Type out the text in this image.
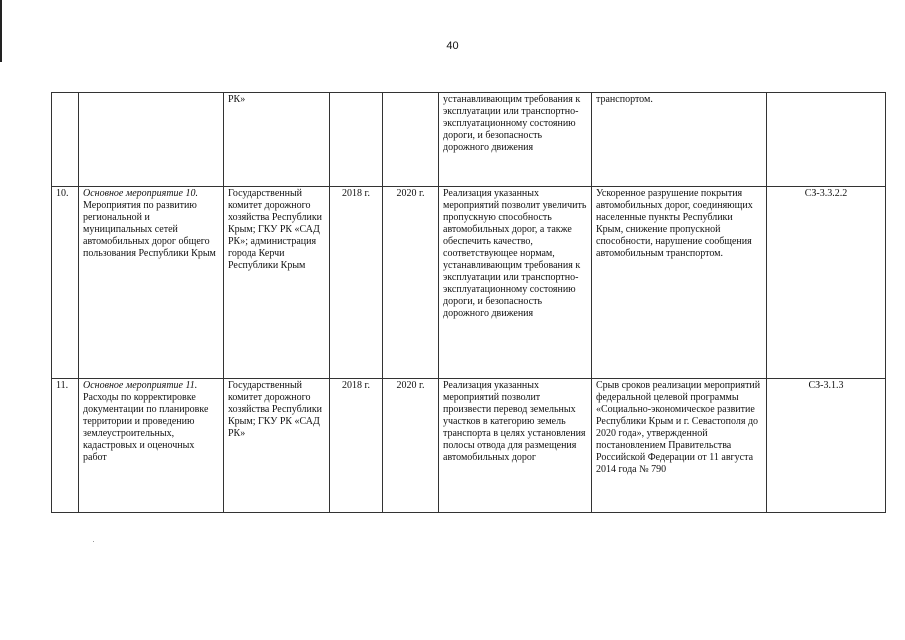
40
		РК»			устанавливающим требования к эксплуатации или транспортно-эксплуатационному состоянию дороги, и безопасность дорожного движения	транспортом.	
10.	Основное мероприятие 10. Мероприятия по развитию региональной и муниципальных сетей автомобильных дорог общего пользования Республики Крым	Государственный комитет дорожного хозяйства Республики Крым; ГКУ РК «САД РК»; администрация города Керчи Республики Крым	2018 г.	2020 г.	Реализация указанных мероприятий позволит увеличить пропускную способность автомобильных дорог, а также обеспечить качество, соответствующее нормам, устанавливающим требования к эксплуатации или транспортно-эксплуатационному состоянию дороги, и безопасность дорожного движения	Ускоренное разрушение покрытия автомобильных дорог, соединяющих населенные пункты Республики Крым, снижение пропускной способности, нарушение сообщения автомобильным транспортом.	СЗ-3.3.2.2
11.	Основное мероприятие 11. Расходы по корректировке документации по планировке территории и проведению землеустроительных, кадастровых и оценочных работ	Государственный комитет дорожного хозяйства Республики Крым; ГКУ РК «САД РК»	2018 г.	2020 г.	Реализация указанных мероприятий позволит произвести перевод земельных участков в категорию земель транспорта в целях установления полосы отвода для размещения автомобильных дорог	Срыв сроков реализации мероприятий федеральной целевой программы «Социально-экономическое развитие Республики Крым и г. Севастополя до 2020 года», утвержденной постановлением Правительства Российской Федерации от 11 августа 2014 года № 790	СЗ-3.1.3
